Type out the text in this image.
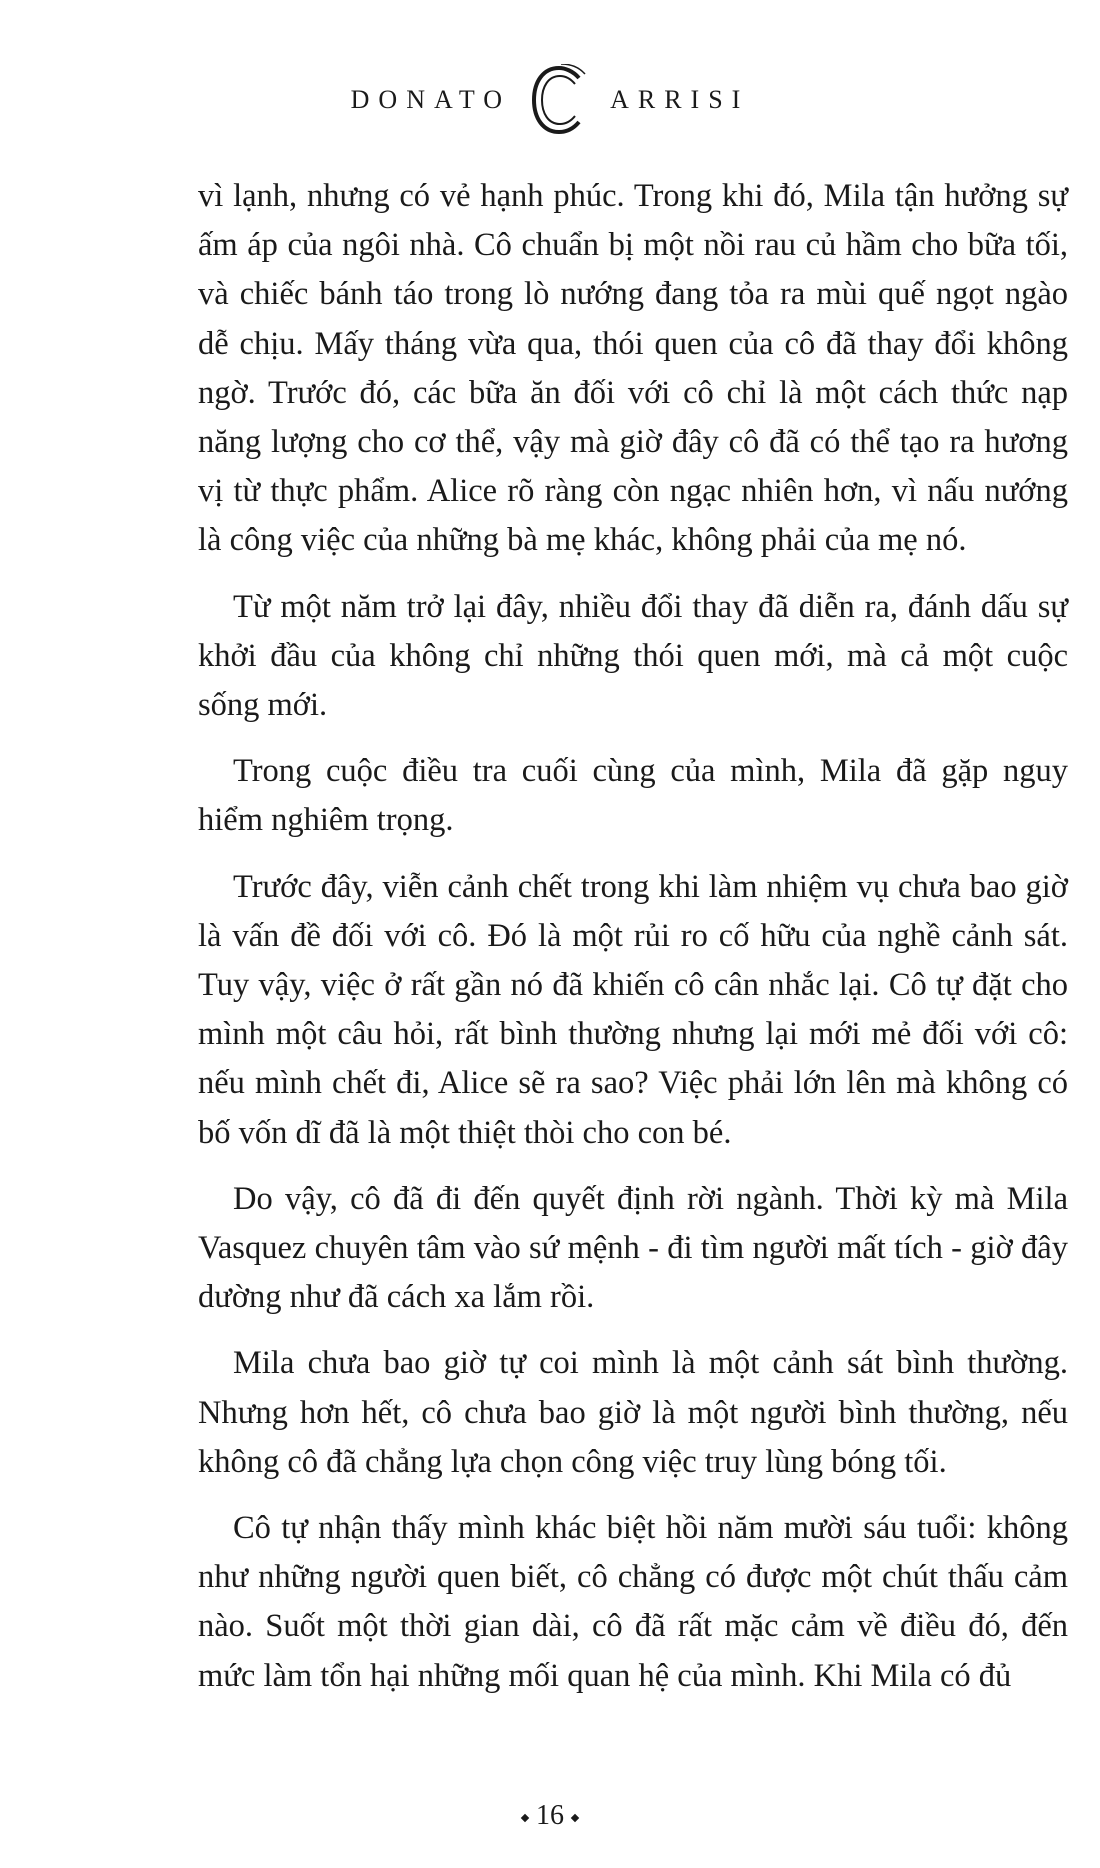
DONATO	ARRISI

vì lạnh, nhưng có vẻ hạnh phúc. Trong khi đó, Mila tận hưởng sự ấm áp của ngôi nhà. Cô chuẩn bị một nồi rau củ hầm cho bữa tối, và chiếc bánh táo trong lò nướng đang tỏa ra mùi quế ngọt ngào dễ chịu. Mấy tháng vừa qua, thói quen của cô đã thay đổi không ngờ. Trước đó, các bữa ăn đối với cô chỉ là một cách thức nạp năng lượng cho cơ thể, vậy mà giờ đây cô đã có thể tạo ra hương vị từ thực phẩm. Alice rõ ràng còn ngạc nhiên hơn, vì nấu nướng là công việc của những bà mẹ khác, không phải của mẹ nó.

Từ một năm trở lại đây, nhiều đổi thay đã diễn ra, đánh dấu sự khởi đầu của không chỉ những thói quen mới, mà cả một cuộc sống mới.

Trong cuộc điều tra cuối cùng của mình, Mila đã gặp nguy hiểm nghiêm trọng.

Trước đây, viễn cảnh chết trong khi làm nhiệm vụ chưa bao giờ là vấn đề đối với cô. Đó là một rủi ro cố hữu của nghề cảnh sát. Tuy vậy, việc ở rất gần nó đã khiến cô cân nhắc lại. Cô tự đặt cho mình một câu hỏi, rất bình thường nhưng lại mới mẻ đối với cô: nếu mình chết đi, Alice sẽ ra sao? Việc phải lớn lên mà không có bố vốn dĩ đã là một thiệt thòi cho con bé.

Do vậy, cô đã đi đến quyết định rời ngành. Thời kỳ mà Mila Vasquez chuyên tâm vào sứ mệnh - đi tìm người mất tích - giờ đây dường như đã cách xa lắm rồi.

Mila chưa bao giờ tự coi mình là một cảnh sát bình thường. Nhưng hơn hết, cô chưa bao giờ là một người bình thường, nếu không cô đã chẳng lựa chọn công việc truy lùng bóng tối.

Cô tự nhận thấy mình khác biệt hồi năm mười sáu tuổi: không như những người quen biết, cô chẳng có được một chút thấu cảm nào. Suốt một thời gian dài, cô đã rất mặc cảm về điều đó, đến mức làm tổn hại những mối quan hệ của mình. Khi Mila có đủ

16
